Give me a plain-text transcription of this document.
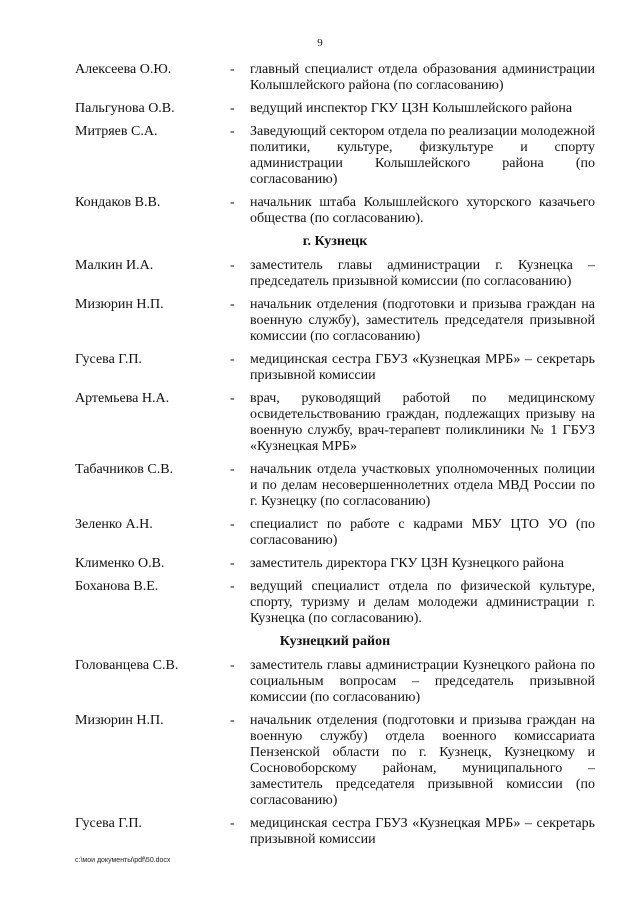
9
Алексеева О.Ю.	-	главный специалист отдела образования администрации Колышлейского района (по согласованию)
Пальгунова О.В.	-	ведущий инспектор ГКУ ЦЗН Колышлейского района
Митряев С.А.	-	Заведующий сектором отдела по реализации молодежной политики, культуре, физкультуре и спорту администрации Колышлейского района (по согласованию)
Кондаков В.В.	-	начальник штаба Колышлейского хуторского казачьего общества (по согласованию).
г. Кузнецк
Малкин И.А.	-	заместитель главы администрации г. Кузнецка – председатель призывной комиссии (по согласованию)
Мизюрин Н.П.	-	начальник отделения (подготовки и призыва граждан на военную службу), заместитель председателя призывной комиссии (по согласованию)
Гусева Г.П.	-	медицинская сестра ГБУЗ «Кузнецкая МРБ» – секретарь призывной комиссии
Артемьева Н.А.	-	врач, руководящий работой по медицинскому освидетельствованию граждан, подлежащих призыву на военную службу, врач-терапевт поликлиники № 1 ГБУЗ «Кузнецкая МРБ»
Табачников С.В.	-	начальник отдела участковых уполномоченных полиции и по делам несовершеннолетних отдела МВД России по г. Кузнецку (по согласованию)
Зеленко А.Н.	-	специалист по работе с кадрами МБУ ЦТО УО (по согласованию)
Клименко О.В.	-	заместитель директора ГКУ ЦЗН Кузнецкого района
Боханова В.Е.	-	ведущий специалист отдела по физической культуре, спорту, туризму и делам молодежи администрации г. Кузнецка (по согласованию).
Кузнецкий район
Голованцева С.В.	-	заместитель главы администрации Кузнецкого района по социальным вопросам – председатель призывной комиссии (по согласованию)
Мизюрин Н.П.	-	начальник отделения (подготовки и призыва граждан на военную службу) отдела военного комиссариата Пензенской области по г. Кузнецк, Кузнецкому и Сосновоборскому районам, муниципального – заместитель председателя призывной комиссии (по согласованию)
Гусева Г.П.	-	медицинская сестра ГБУЗ «Кузнецкая МРБ» – секретарь призывной комиссии
c:\мои документы\pdf\50.docx
